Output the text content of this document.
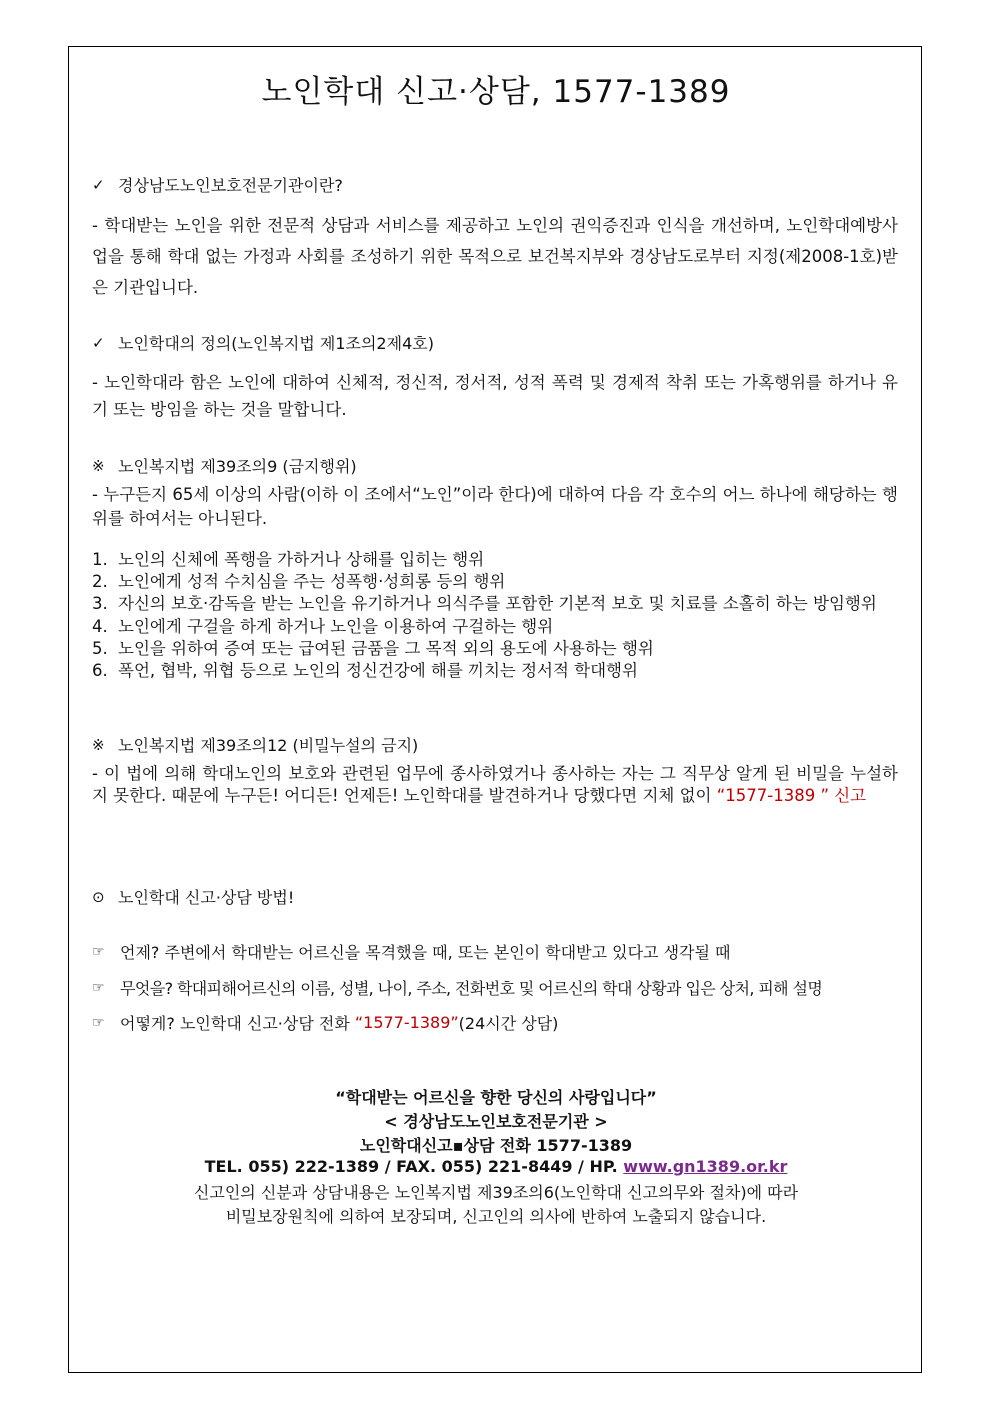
노인학대 신고·상담, 1577-1389
✓ 경상남도노인보호전문기관이란?
- 학대받는 노인을 위한 전문적 상담과 서비스를 제공하고 노인의 권익증진과 인식을 개선하며, 노인학대예방사업을 통해 학대 없는 가정과 사회를 조성하기 위한 목적으로 보건복지부와 경상남도로부터 지정(제2008-1호)받은 기관입니다.
✓ 노인학대의 정의(노인복지법 제1조의2제4호)
- 노인학대라 함은 노인에 대하여 신체적, 정신적, 정서적, 성적 폭력 및 경제적 착취 또는 가혹행위를 하거나 유기 또는 방임을 하는 것을 말합니다.
※ 노인복지법 제39조의9 (금지행위)
- 누구든지 65세 이상의 사람(이하 이 조에서“노인”이라 한다)에 대하여 다음 각 호수의 어느 하나에 해당하는 행위를 하여서는 아니된다.
1. 노인의 신체에 폭행을 가하거나 상해를 입히는 행위
2. 노인에게 성적 수치심을 주는 성폭행·성희롱 등의 행위
3. 자신의 보호·감독을 받는 노인을 유기하거나 의식주를 포함한 기본적 보호 및 치료를 소홀히 하는 방임행위
4. 노인에게 구걸을 하게 하거나 노인을 이용하여 구걸하는 행위
5. 노인을 위하여 증여 또는 급여된 금품을 그 목적 외의 용도에 사용하는 행위
6. 폭언, 협박, 위협 등으로 노인의 정신건강에 해를 끼치는 정서적 학대행위
※ 노인복지법 제39조의12 (비밀누설의 금지)
- 이 법에 의해 학대노인의 보호와 관련된 업무에 종사하였거나 종사하는 자는 그 직무상 알게 된 비밀을 누설하지 못한다. 때문에 누구든! 어디든! 언제든! 노인학대를 발견하거나 당했다면 지체 없이 “1577-1389 ” 신고
⊙ 노인학대 신고·상담 방법!
☞ 언제? 주변에서 학대받는 어르신을 목격했을 때, 또는 본인이 학대받고 있다고 생각될 때
☞	무엇을? 학대피해어르신의 이름, 성별, 나이, 주소, 전화번호 및 어르신의 학대 상황과 입은 상처, 피해 설명
☞ 어떻게? 노인학대 신고·상담 전화 “1577-1389” (24시간 상담)
“학대받는 어르신을 향한 당신의 사랑입니다”
< 경상남도노인보호전문기관 >
노인학대신고▪상담 전화 1577-1389
TEL. 055) 222-1389 / FAX. 055) 221-8449 / HP. www.gn1389.or.kr
신고인의 신분과 상담내용은 노인복지법 제39조의6(노인학대 신고의무와 절차)에 따라
비밀보장원칙에 의하여 보장되며, 신고인의 의사에 반하여 노출되지 않습니다.
